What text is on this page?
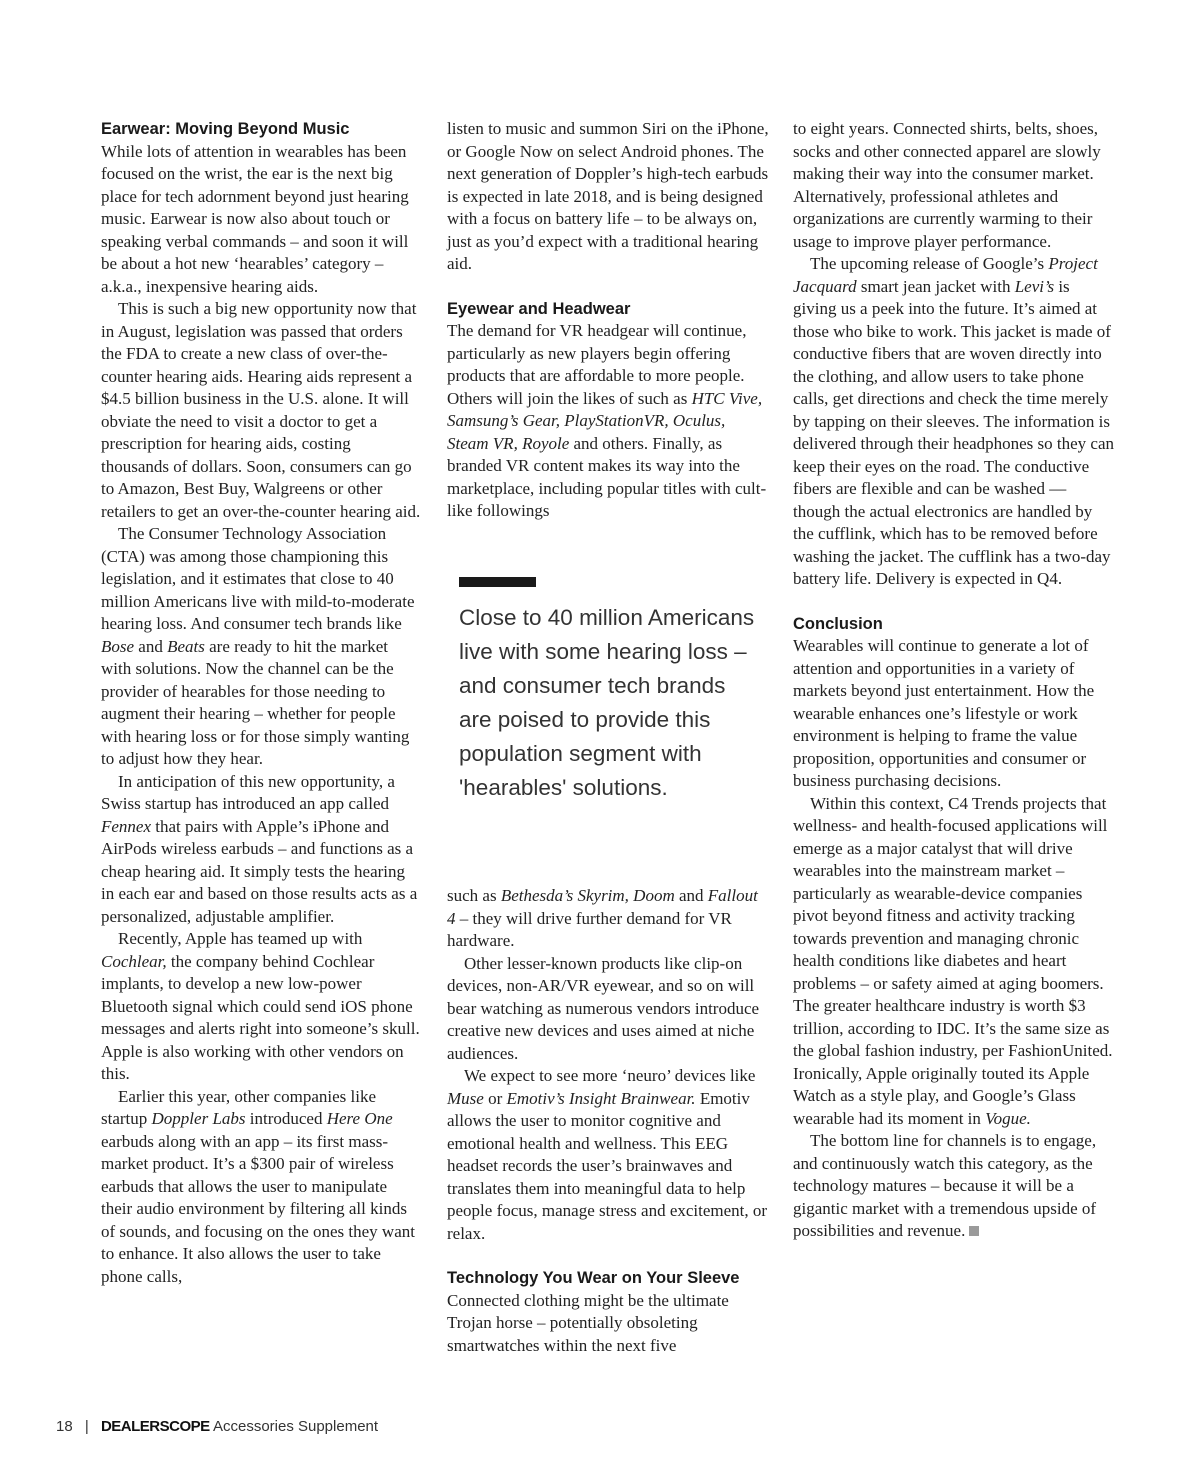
Earwear: Moving Beyond Music

While lots of attention in wearables has been focused on the wrist, the ear is the next big place for tech adornment beyond just hearing music. Earwear is now also about touch or speaking verbal commands – and soon it will be about a hot new ‘hearables’ category – a.k.a., inexpensive hearing aids.

This is such a big new opportunity now that in August, legislation was passed that orders the FDA to create a new class of over-the-counter hearing aids. Hearing aids represent a $4.5 billion business in the U.S. alone. It will obviate the need to visit a doctor to get a prescription for hearing aids, costing thousands of dollars. Soon, consumers can go to Amazon, Best Buy, Walgreens or other retailers to get an over-the-counter hearing aid.

The Consumer Technology Association (CTA) was among those championing this legislation, and it estimates that close to 40 million Americans live with mild-to-moderate hearing loss. And consumer tech brands like Bose and Beats are ready to hit the market with solutions. Now the channel can be the provider of hearables for those needing to augment their hearing – whether for people with hearing loss or for those simply wanting to adjust how they hear.

In anticipation of this new opportunity, a Swiss startup has introduced an app called Fennex that pairs with Apple’s iPhone and AirPods wireless earbuds – and functions as a cheap hearing aid. It simply tests the hearing in each ear and based on those results acts as a personalized, adjustable amplifier.

Recently, Apple has teamed up with Cochlear, the company behind Cochlear implants, to develop a new low-power Bluetooth signal which could send iOS phone messages and alerts right into someone’s skull. Apple is also working with other vendors on this.

Earlier this year, other companies like startup Doppler Labs introduced Here One earbuds along with an app – its first mass-market product. It’s a $300 pair of wireless earbuds that allows the user to manipulate their audio environment by filtering all kinds of sounds, and focusing on the ones they want to enhance. It also allows the user to take phone calls,

listen to music and summon Siri on the iPhone, or Google Now on select Android phones. The next generation of Doppler’s high-tech earbuds is expected in late 2018, and is being designed with a focus on battery life – to be always on, just as you’d expect with a traditional hearing aid.

Eyewear and Headwear

The demand for VR headgear will continue, particularly as new players begin offering products that are affordable to more people. Others will join the likes of such as HTC Vive, Samsung’s Gear, PlayStationVR, Oculus, Steam VR, Royole and others. Finally, as branded VR content makes its way into the marketplace, including popular titles with cult-like followings

Close to 40 million Americans live with some hearing loss – and consumer tech brands are poised to provide this population segment with 'hearables' solutions.

such as Bethesda’s Skyrim, Doom and Fallout 4 – they will drive further demand for VR hardware.

Other lesser-known products like clip-on devices, non-AR/VR eyewear, and so on will bear watching as numerous vendors introduce creative new devices and uses aimed at niche audiences.

We expect to see more ‘neuro’ devices like Muse or Emotiv’s Insight Brainwear. Emotiv allows the user to monitor cognitive and emotional health and wellness. This EEG headset records the user’s brainwaves and translates them into meaningful data to help people focus, manage stress and excitement, or relax.

Technology You Wear on Your Sleeve

Connected clothing might be the ultimate Trojan horse – potentially obsoleting smartwatches within the next five

to eight years. Connected shirts, belts, shoes, socks and other connected apparel are slowly making their way into the consumer market. Alternatively, professional athletes and organizations are currently warming to their usage to improve player performance.

The upcoming release of Google’s Project Jacquard smart jean jacket with Levi’s is giving us a peek into the future. It’s aimed at those who bike to work. This jacket is made of conductive fibers that are woven directly into the clothing, and allow users to take phone calls, get directions and check the time merely by tapping on their sleeves. The information is delivered through their headphones so they can keep their eyes on the road. The conductive fibers are flexible and can be washed — though the actual electronics are handled by the cufflink, which has to be removed before washing the jacket. The cufflink has a two-day battery life. Delivery is expected in Q4.

Conclusion

Wearables will continue to generate a lot of attention and opportunities in a variety of markets beyond just entertainment. How the wearable enhances one’s lifestyle or work environment is helping to frame the value proposition, opportunities and consumer or business purchasing decisions.

Within this context, C4 Trends projects that wellness- and health-focused applications will emerge as a major catalyst that will drive wearables into the mainstream market – particularly as wearable-device companies pivot beyond fitness and activity tracking towards prevention and managing chronic health conditions like diabetes and heart problems – or safety aimed at aging boomers. The greater healthcare industry is worth $3 trillion, according to IDC. It’s the same size as the global fashion industry, per FashionUnited. Ironically, Apple originally touted its Apple Watch as a style play, and Google’s Glass wearable had its moment in Vogue.

The bottom line for channels is to engage, and continuously watch this category, as the technology matures – because it will be a gigantic market with a tremendous upside of possibilities and revenue.

18 | DEALERSCOPE Accessories Supplement
